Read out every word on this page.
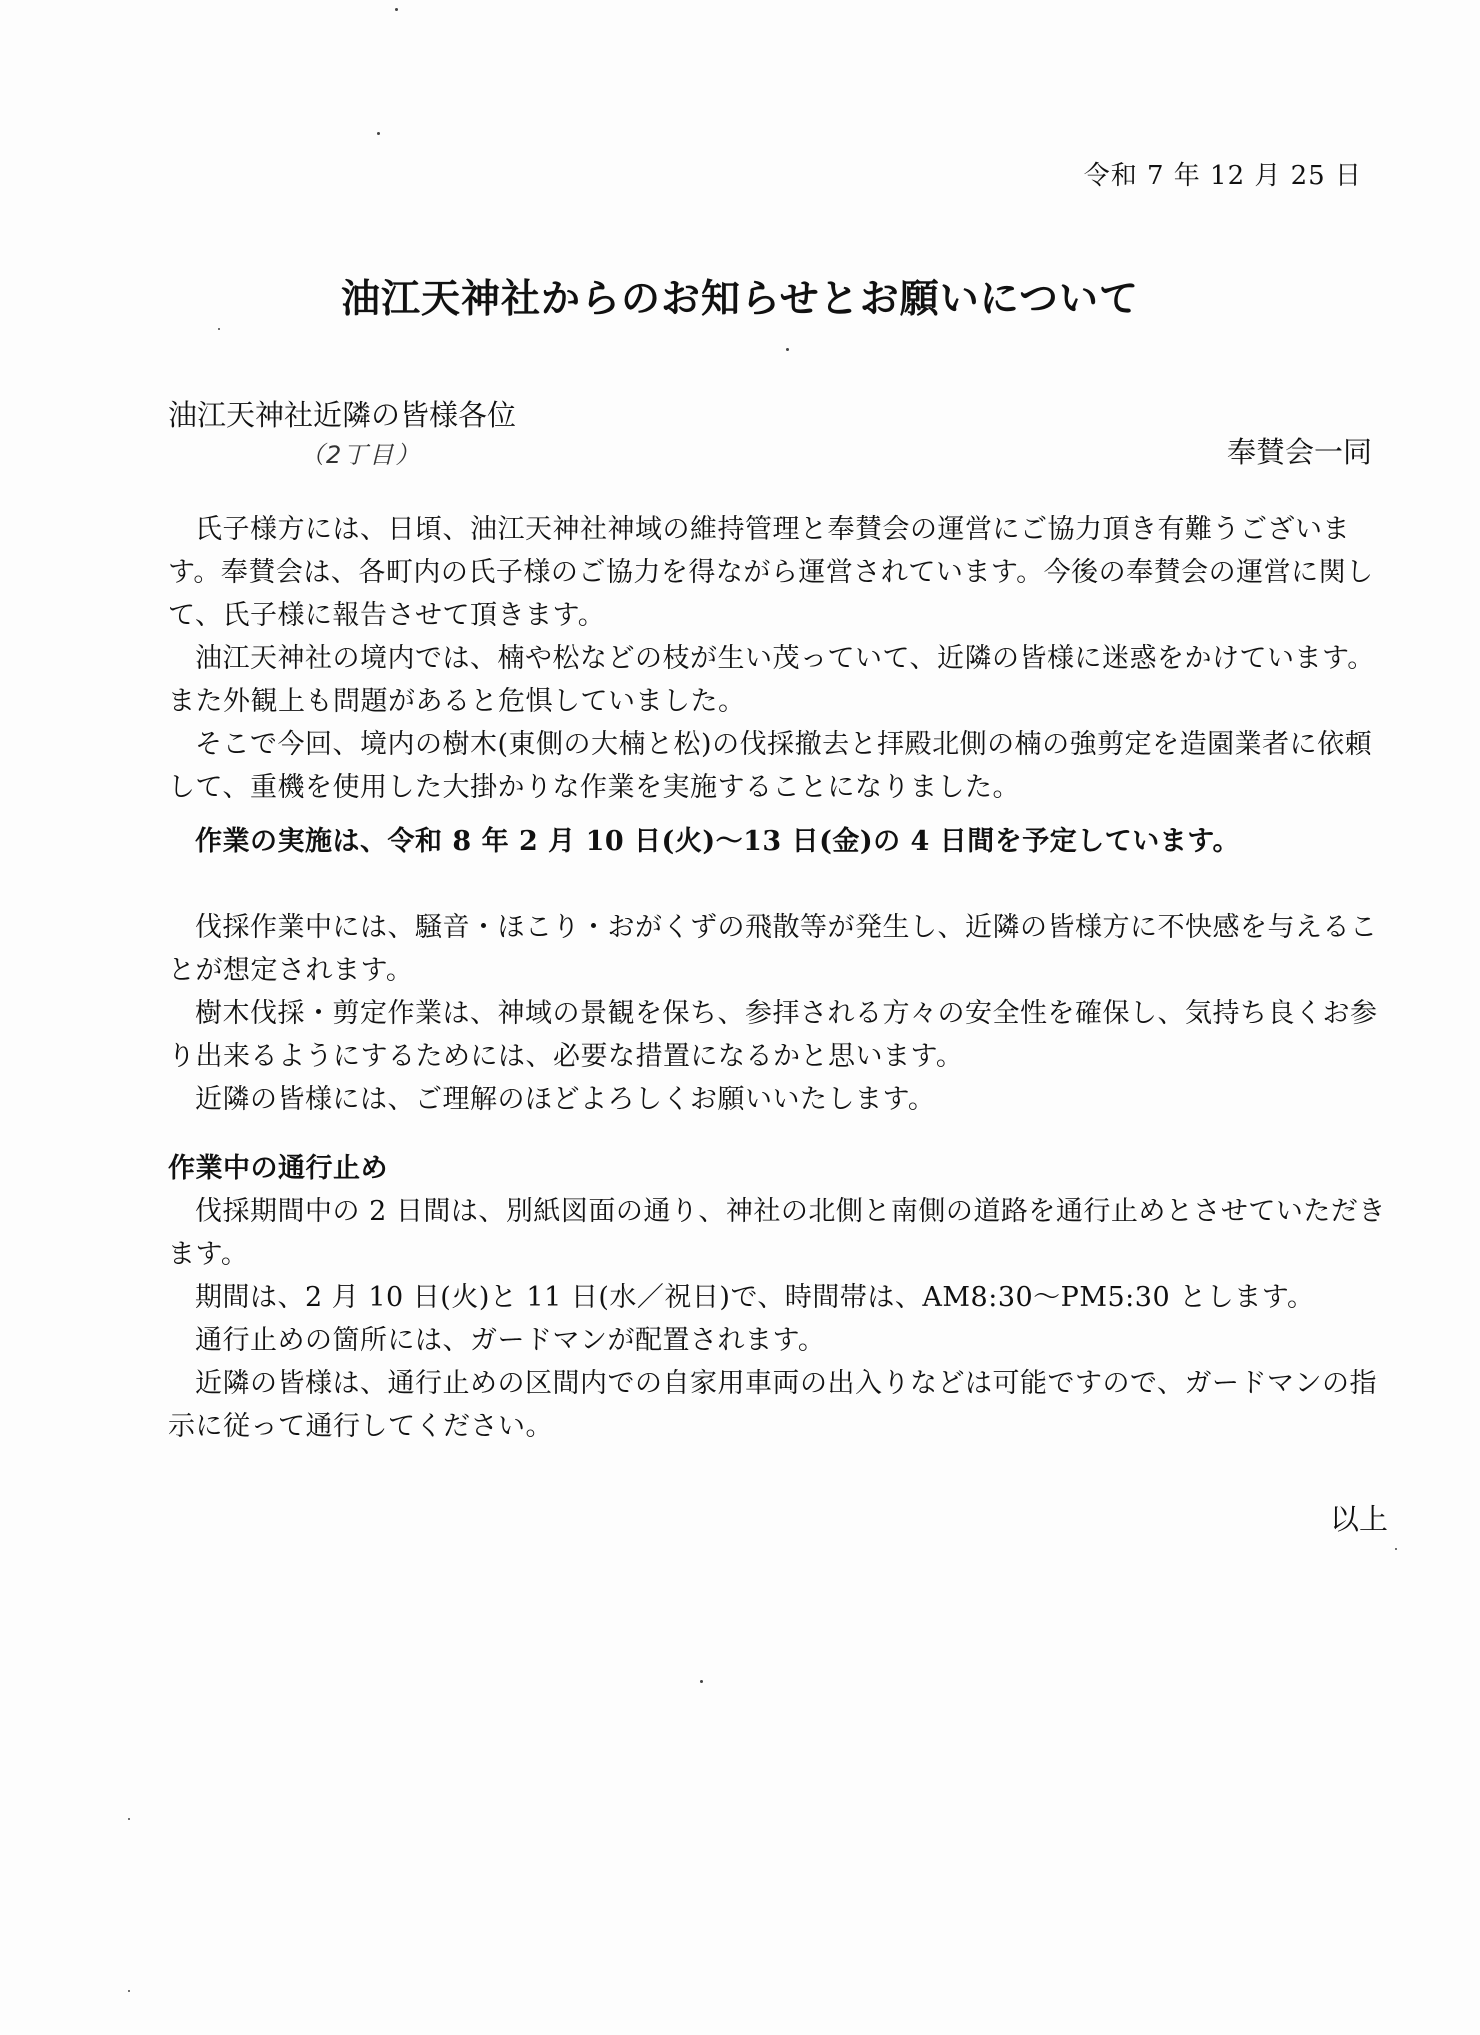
令和 7 年 12 月 25 日
油江天神社からのお知らせとお願いについて
油江天神社近隣の皆様各位
（2丁目）	奉賛会一同

氏子様方には、日頃、油江天神社神域の維持管理と奉賛会の運営にご協力頂き有難うございます。奉賛会は、各町内の氏子様のご協力を得ながら運営されています。今後の奉賛会の運営に関して、氏子様に報告させて頂きます。

油江天神社の境内では、楠や松などの枝が生い茂っていて、近隣の皆様に迷惑をかけています。また外観上も問題があると危惧していました。

そこで今回、境内の樹木(東側の大楠と松)の伐採撤去と拝殿北側の楠の強剪定を造園業者に依頼して、重機を使用した大掛かりな作業を実施することになりました。

作業の実施は、令和 8 年 2 月 10 日(火)～13 日(金)の 4 日間を予定しています。

伐採作業中には、騒音・ほこり・おがくずの飛散等が発生し、近隣の皆様方に不快感を与えることが想定されます。

樹木伐採・剪定作業は、神域の景観を保ち、参拝される方々の安全性を確保し、気持ち良くお参り出来るようにするためには、必要な措置になるかと思います。

近隣の皆様には、ご理解のほどよろしくお願いいたします。

作業中の通行止め

伐採期間中の 2 日間は、別紙図面の通り、神社の北側と南側の道路を通行止めとさせていただきます。

期間は、2 月 10 日(火)と 11 日(水／祝日)で、時間帯は、AM8:30～PM5:30 とします。

通行止めの箇所には、ガードマンが配置されます。

近隣の皆様は、通行止めの区間内での自家用車両の出入りなどは可能ですので、ガードマンの指示に従って通行してください。

以上
